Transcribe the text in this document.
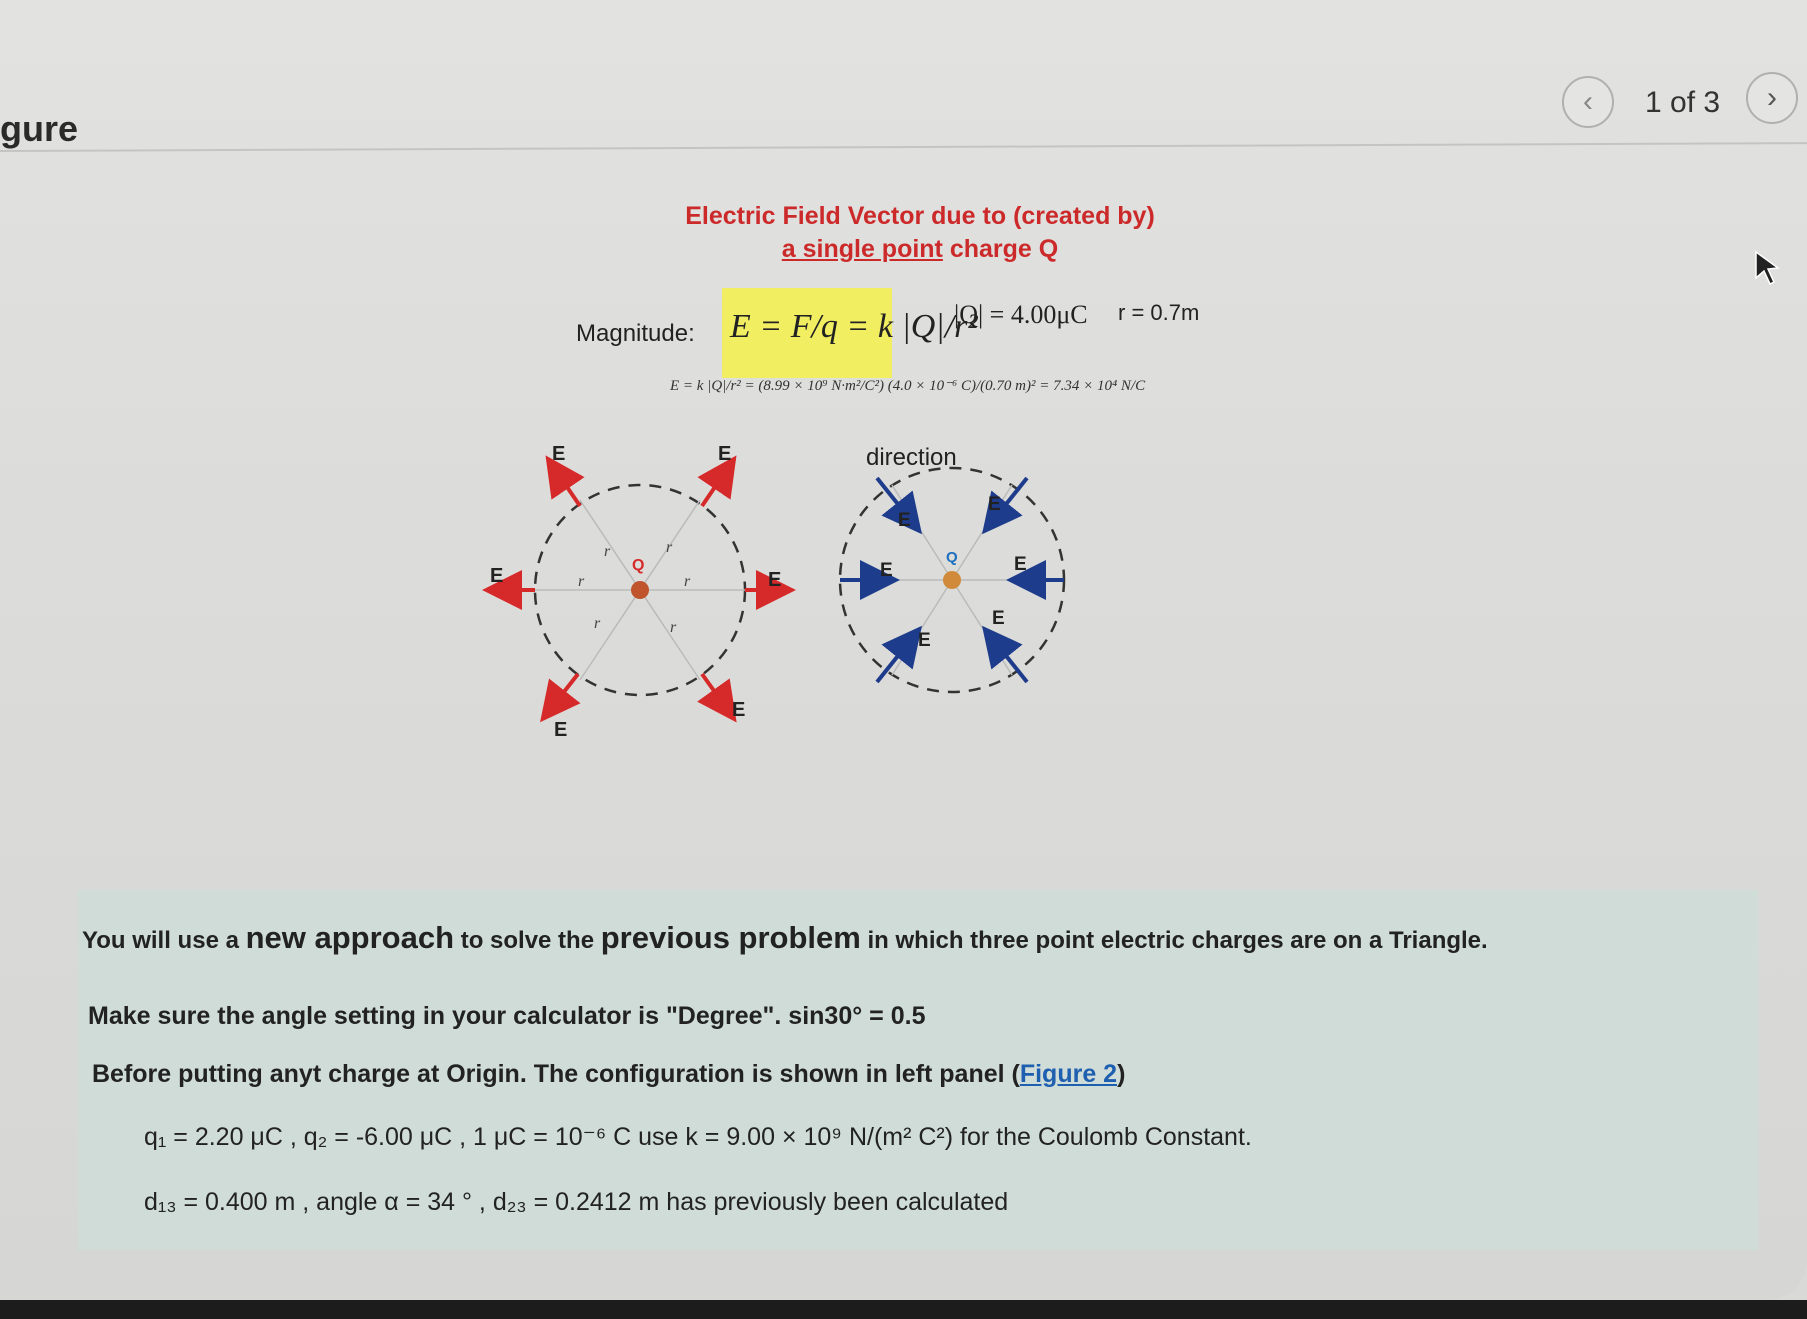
gure
‹	1 of 3	›
Electric Field Vector due to (created by)
a single point charge Q
Magnitude: E = F/q = k |Q|/r²
|Q| = 4.00μC r = 0.7m
E = k |Q|/r² = (8.99 × 10⁹ N·m²/C²) (4.0 × 10⁻⁶ C)/(0.70 m)² = 7.34 × 10⁴ N/C
direction
E	E
E	E
E
E
r	r
r	r
r	r
Q	Q
E	E
E
E
E
E
You will use a new approach to solve the previous problem in which three point electric charges are on a Triangle.
Make sure the angle setting in your calculator is "Degree". sin30° = 0.5
Before putting anyt charge at Origin. The configuration is shown in left panel (Figure 2)
q₁ = 2.20 μC , q₂ = -6.00 μC , 1 μC = 10⁻⁶ C use k = 9.00 × 10⁹ N/(m² C²) for the Coulomb Constant.
d₁₃ = 0.400 m , angle α = 34 ° , d₂₃ = 0.2412 m has previously been calculated
